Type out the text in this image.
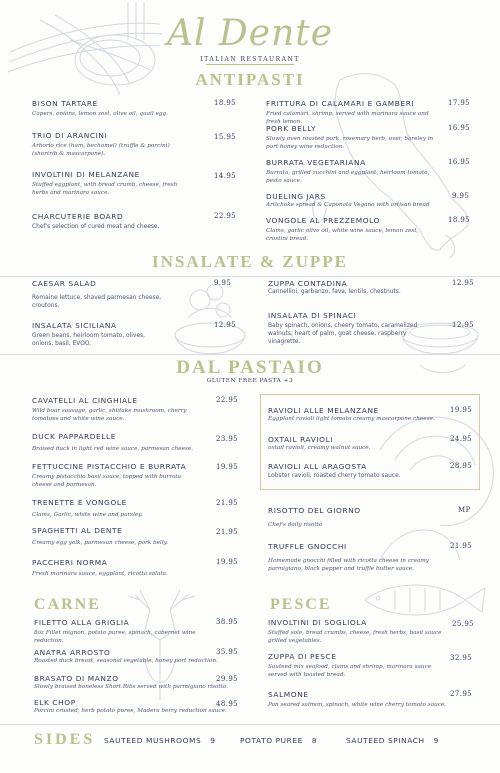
Al Dente
ITALIAN RESTAURANT
ANTIPASTI
BISON TARTARE
Capers, onions, lemon zest, olive oil, quail egg.
18.95
TRIO DI ARANCINI
Arborio rice (ham, bechamel) (truffle & porcini) (shortrib & mascarpone).
15.95
INVOLTINI DI MELANZANE
Stuffed eggplant, with bread crumb, cheese, fresh herbs and marinara sauce.
14.95
CHARCUTERIE BOARD
Chef's selection of cured meat and cheese.
22.95
FRITTURA DI CALAMARI E GAMBERI
Fried calamari, shrimp, served with marinara sauce and fresh lemon.
17.95
PORK BELLY
Slowly oven roasted pork, rosemary herb, over, bareley in port honey wine reduction.
16.95
BURRATA VEGETARIANA
Burrata, grilled zucchini and eggplant, heirloom tomato, pesto sauce.
16.95
DUELING JARS
Artichoke spread & Caponata Vegana with artisan bread
9.95
VONGOLE AL PREZZEMOLO
Clams, garlic olive oil, white wine sauce, lemon zest, crostini bread.
18.95
INSALATE & ZUPPE
CAESAR SALAD
Romaine lettuce, shaved parmesan cheese, croutons.
9.95
INSALATA SICILIANA
Green beans, heirloom tomato, olives, onions, basil, EVOO.
12.95
ZUPPA CONTADINA
Cannellini, garbanzo, fava, lentils, chestnuts.
12.95
INSALATA DI SPINACI
Baby spinach, onions, cheery tomato, caramelized walnuts, heart of palm, goat cheese, raspberry vinagrette.
12.95
DAL PASTAIO
GLUTEN FREE PASTA +3
CAVATELLI AL CINGHIALE
Wild boar sausage, garlic, shiitake mushroom, cherry tomatoes and white wine sauce.
22.95
DUCK PAPPARDELLE
Braised duck in light red wine sauce, parmesan cheese.
23.95
FETTUCCINE PISTACCHIO E BURRATA
Creamy pistacchio basil sauce, topped with burrata cheese and parmesan.
19.95
TRENETTE E VONGOLE
Clams, Garlic, white wine and parsley.
21.95
SPAGHETTI AL DENTE
Creamy egg yolk, parmesan cheese, pork belly.
21.95
PACCHERI NORMA
Fresh marinara sauce, eggplant, ricotta salata.
19.95
RAVIOLI ALLE MELANZANE
Eggplant ravioli light tomato creamy mascarpone cheese.
19.95
OXTAIL RAVIOLI
oxtail ravioli, creamy walnut sauce.
24.95
RAVIOLI ALL ARAGOSTA
Lobster ravioli, roasted cherry tomato sauce.
28.95
RISOTTO DEL GIORNO
Chef's daily risotto
MP
TRUFFLE GNOCCHI
Homemade gnocchi filled with ricotta cheese in creamy parmigiano, black pepper and truffle butter sauce.
21.95
CARNE
FILETTO ALLA GRIGLIA
8oz Fillet mignon, potato puree, spinach, cabernet wine reduction.
38.95
ANATRA ARROSTO
Roasted duck breast, seasonal vegetable, honey port reduction.
35.95
BRASATO DI MANZO
Slowly braised boneless Short Ribs served with parmigiano risotto.
29.95
ELK CHOP
Porcini crusted, herb potato puree, Madera berry reduction sauce.
48.95
PESCE
INVOLTINI DI SOGLIOLA
Stuffed sole, bread crumbs, cheese, fresh herbs, basil sauce grilled vegetables.
25.95
ZUPPA DI PESCE
Sauteed mix seafood, clams and shrimp, marinara sauce served with toasted bread.
32.95
SALMONE
Pan seared salmon, spinach, white wine cherry tomato sauce.
27.95
SIDES SAUTEED MUSHROOMS 9	POTATO PUREE 8	SAUTEED SPINACH 9
